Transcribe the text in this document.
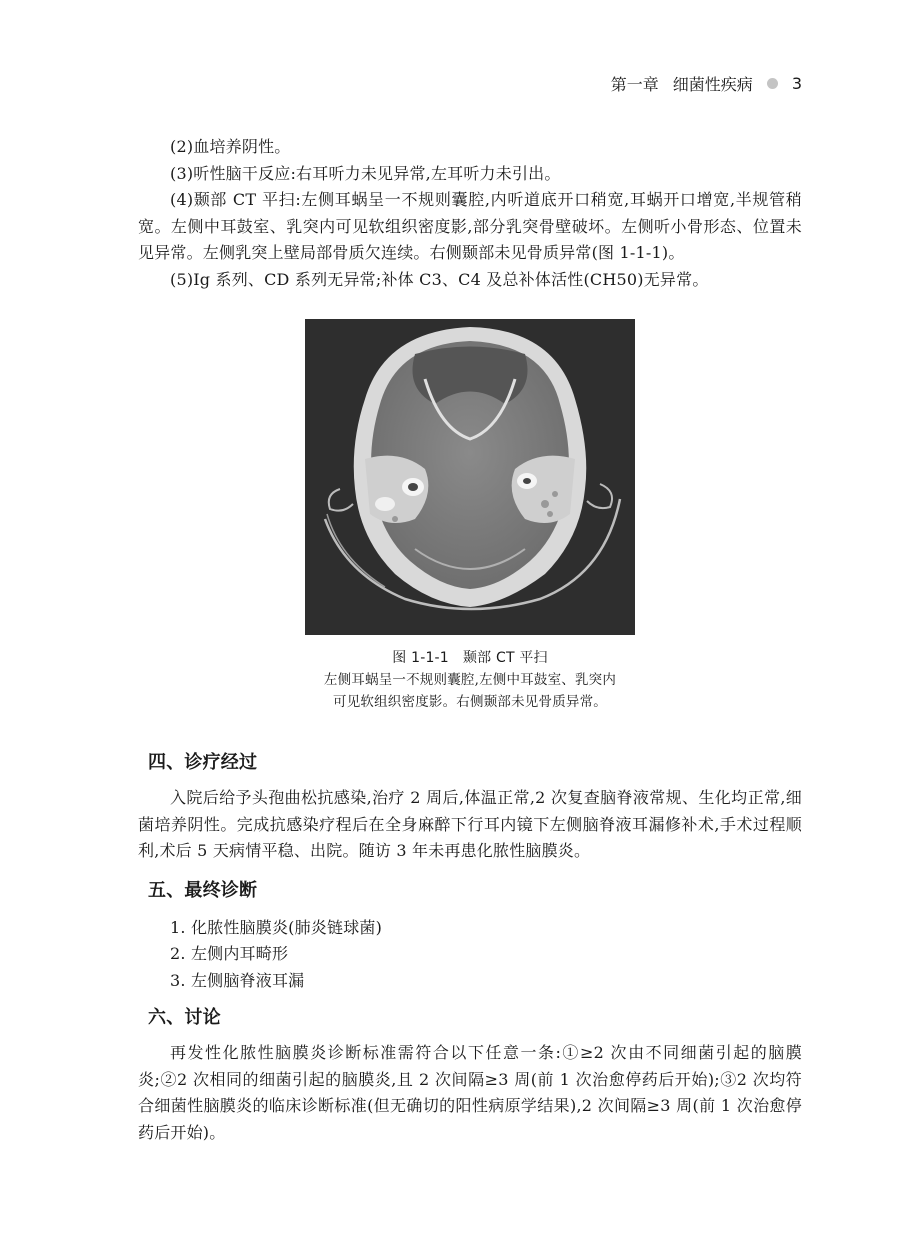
第一章 细菌性疾病 3

(2)血培养阴性。

(3)听性脑干反应:右耳听力未见异常,左耳听力未引出。

(4)颞部 CT 平扫:左侧耳蜗呈一不规则囊腔,内听道底开口稍宽,耳蜗开口增宽,半规管稍宽。左侧中耳鼓室、乳突内可见软组织密度影,部分乳突骨壁破坏。左侧听小骨形态、位置未见异常。左侧乳突上壁局部骨质欠连续。右侧颞部未见骨质异常(图 1-1-1)。

(5)Ig 系列、CD 系列无异常;补体 C3、C4 及总补体活性(CH50)无异常。

图 1-1-1 颞部 CT 平扫
左侧耳蜗呈一不规则囊腔,左侧中耳鼓室、乳突内
可见软组织密度影。右侧颞部未见骨质异常。
四、诊疗经过

入院后给予头孢曲松抗感染,治疗 2 周后,体温正常,2 次复查脑脊液常规、生化均正常,细菌培养阴性。完成抗感染疗程后在全身麻醉下行耳内镜下左侧脑脊液耳漏修补术,手术过程顺利,术后 5 天病情平稳、出院。随访 3 年未再患化脓性脑膜炎。

五、最终诊断

1. 化脓性脑膜炎(肺炎链球菌)

2. 左侧内耳畸形

3. 左侧脑脊液耳漏

六、讨论

再发性化脓性脑膜炎诊断标准需符合以下任意一条:①≥2 次由不同细菌引起的脑膜炎;②2 次相同的细菌引起的脑膜炎,且 2 次间隔≥3 周(前 1 次治愈停药后开始);③2 次均符合细菌性脑膜炎的临床诊断标准(但无确切的阳性病原学结果),2 次间隔≥3 周(前 1 次治愈停药后开始)。
